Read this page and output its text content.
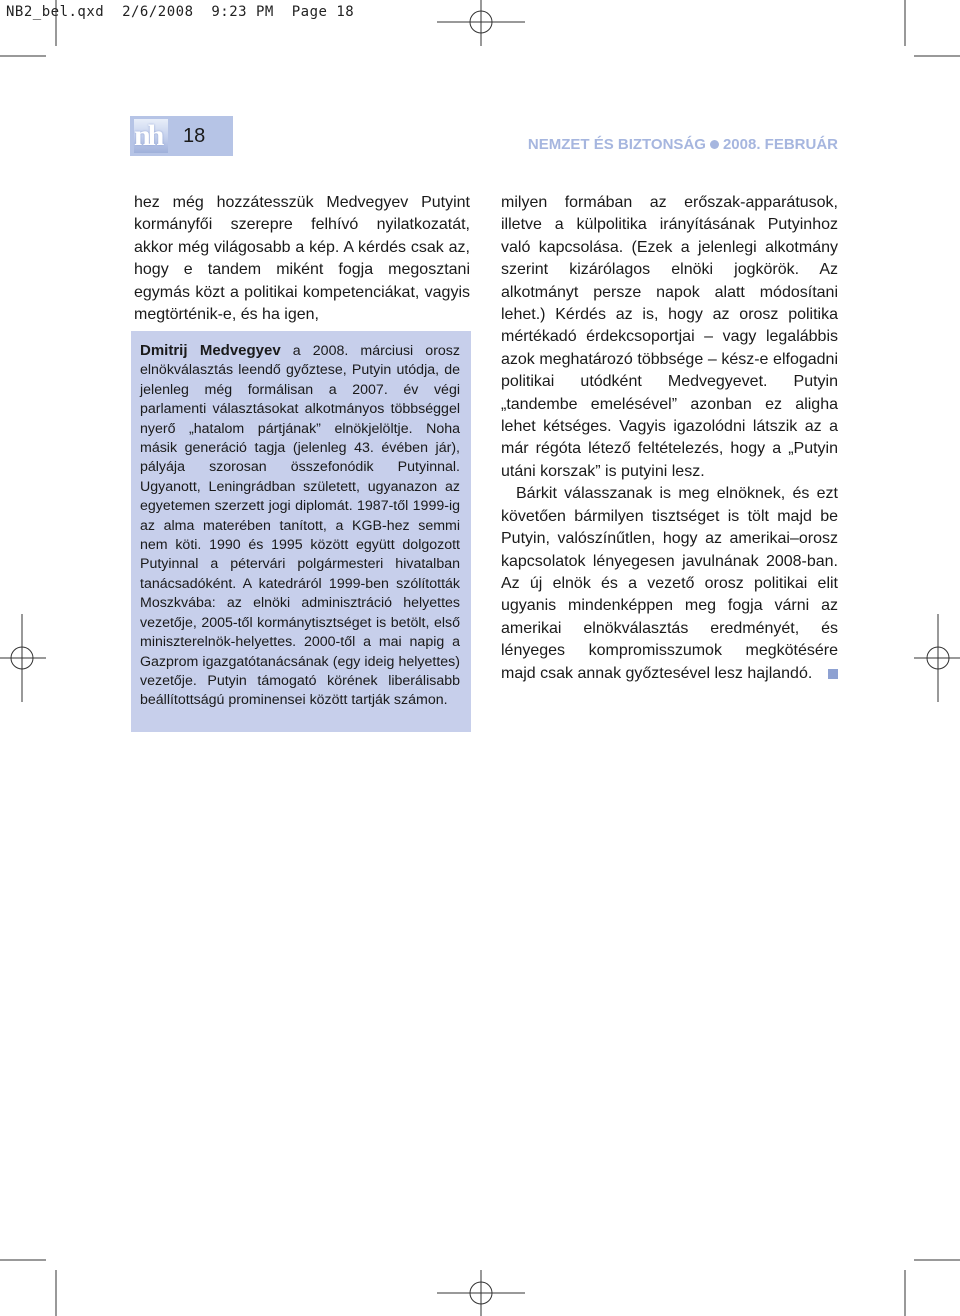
NB2_bel.qxd  2/6/2008  9:23 PM  Page 18
nh	18	NEMZET ÉS BIZTONSÁG 2008. FEBRUÁR

hez még hozzátesszük Medvegyev Putyint kormányfői szerepre felhívó nyilatkozatát, akkor még világosabb a kép. A kérdés csak az, hogy e tandem miként fogja megosztani egymás közt a politikai kompetenciákat, vagyis megtörténik-e, és ha igen,

Dmitrij Medvegyev a 2008. márciusi orosz elnökválasztás leendő győztese, Putyin utódja, de jelenleg még formálisan a 2007. év végi parlamenti választásokat alkotmányos többséggel nyerő „hatalom pártjának” elnökjelöltje. Noha másik generáció tagja (jelenleg 43. évében jár), pályája szorosan összefonódik Putyinnal. Ugyanott, Leningrádban született, ugyanazon az egyetemen szerzett jogi diplomát. 1987-től 1999-ig az alma materében tanított, a KGB-hez semmi nem köti. 1990 és 1995 között együtt dolgozott Putyinnal a pétervári polgármesteri hivatalban tanácsadóként. A katedráról 1999-ben szólították Moszkvába: az elnöki adminisztráció helyettes vezetője, 2005-től kormánytisztséget is betölt, első miniszterelnök-helyettes. 2000-től a mai napig a Gazprom igazgatótanácsának (egy ideig helyettes) vezetője. Putyin támogató körének liberálisabb beállítottságú prominensei között tartják számon.

milyen formában az erőszak-apparátusok, illetve a külpolitika irányításának Putyinhoz való kapcsolása. (Ezek a jelenlegi alkotmány szerint kizárólagos elnöki jogkörök. Az alkotmányt persze napok alatt módosítani lehet.) Kérdés az is, hogy az orosz politika mértékadó érdekcsoportjai – vagy legalábbis azok meghatározó többsége – kész-e elfogadni politikai utódként Medvegyevet. Putyin „tandembe emelésével” azonban ez aligha lehet kétséges. Vagyis igazolódni látszik az a már régóta létező feltételezés, hogy a „Putyin utáni korszak” is putyini lesz.

Bárkit válasszanak is meg elnöknek, és ezt követően bármilyen tisztséget is tölt majd be Putyin, valószínűtlen, hogy az amerikai–orosz kapcsolatok lényegesen javulnának 2008-ban. Az új elnök és a vezető orosz politikai elit ugyanis mindenképpen meg fogja várni az amerikai elnökválasztás eredményét, és lényeges kompromisszumok megkötésére majd csak annak győztesével lesz hajlandó.
